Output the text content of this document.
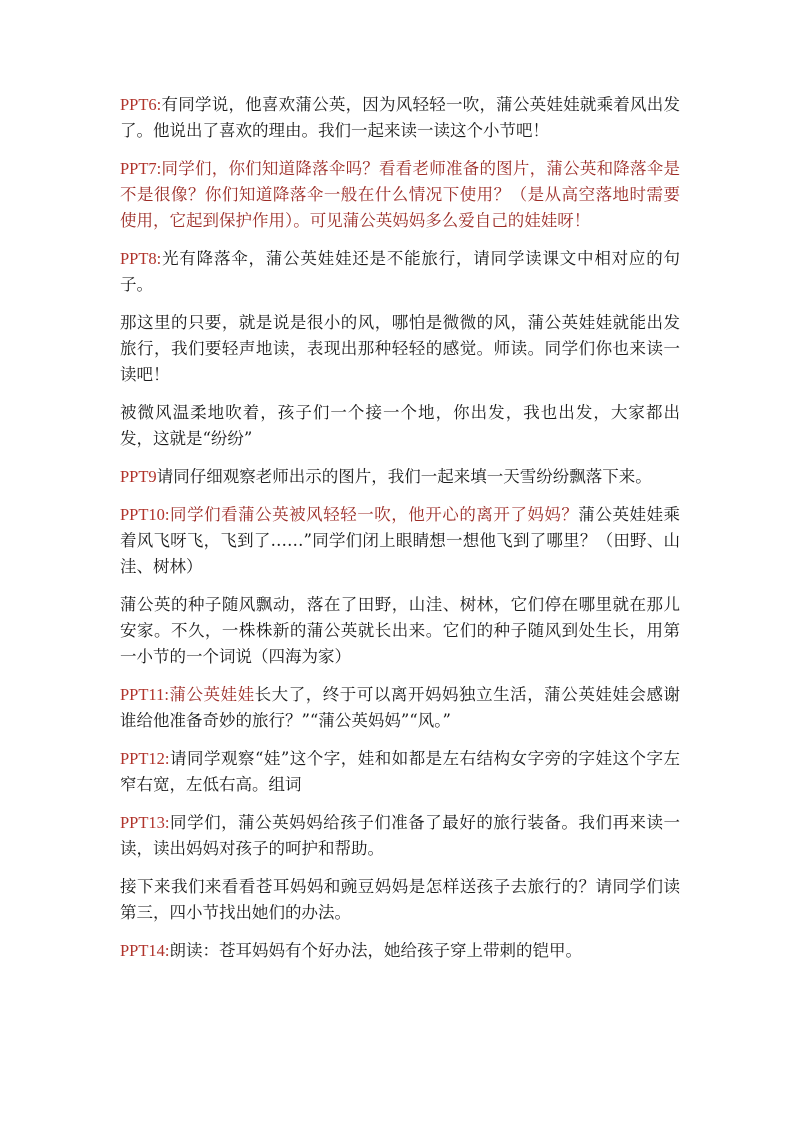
PPT6:有同学说，他喜欢蒲公英，因为风轻轻一吹，蒲公英娃娃就乘着风出发了。他说出了喜欢的理由。我们一起来读一读这个小节吧！

PPT7:同学们，你们知道降落伞吗？看看老师准备的图片，蒲公英和降落伞是不是很像？你们知道降落伞一般在什么情况下使用？（是从高空落地时需要使用，它起到保护作用）。可见蒲公英妈妈多么爱自己的娃娃呀！

PPT8:光有降落伞，蒲公英娃娃还是不能旅行，请同学读课文中相对应的句子。

那这里的只要，就是说是很小的风，哪怕是微微的风，蒲公英娃娃就能出发旅行，我们要轻声地读，表现出那种轻轻的感觉。师读。同学们你也来读一读吧！

被微风温柔地吹着，孩子们一个接一个地，你出发，我也出发，大家都出发，这就是“纷纷”

PPT9请同仔细观察老师出示的图片，我们一起来填一天雪纷纷飘落下来。

PPT10:同学们看蒲公英被风轻轻一吹，他开心的离开了妈妈？蒲公英娃娃乘着风飞呀飞，飞到了……”同学们闭上眼睛想一想他飞到了哪里？（田野、山洼、树林）

蒲公英的种子随风飘动，落在了田野，山洼、树林，它们停在哪里就在那儿安家。不久，一株株新的蒲公英就长出来。它们的种子随风到处生长，用第一小节的一个词说（四海为家）

PPT11:蒲公英娃娃长大了，终于可以离开妈妈独立生活，蒲公英娃娃会感谢谁给他准备奇妙的旅行？”“蒲公英妈妈”“风。”

PPT12:请同学观察“娃”这个字，娃和如都是左右结构女字旁的字娃这个字左窄右宽，左低右高。组词

PPT13:同学们，蒲公英妈妈给孩子们准备了最好的旅行装备。我们再来读一读，读出妈妈对孩子的呵护和帮助。

接下来我们来看看苍耳妈妈和豌豆妈妈是怎样送孩子去旅行的？请同学们读第三，四小节找出她们的办法。

PPT14:朗读：苍耳妈妈有个好办法，她给孩子穿上带刺的铠甲。
